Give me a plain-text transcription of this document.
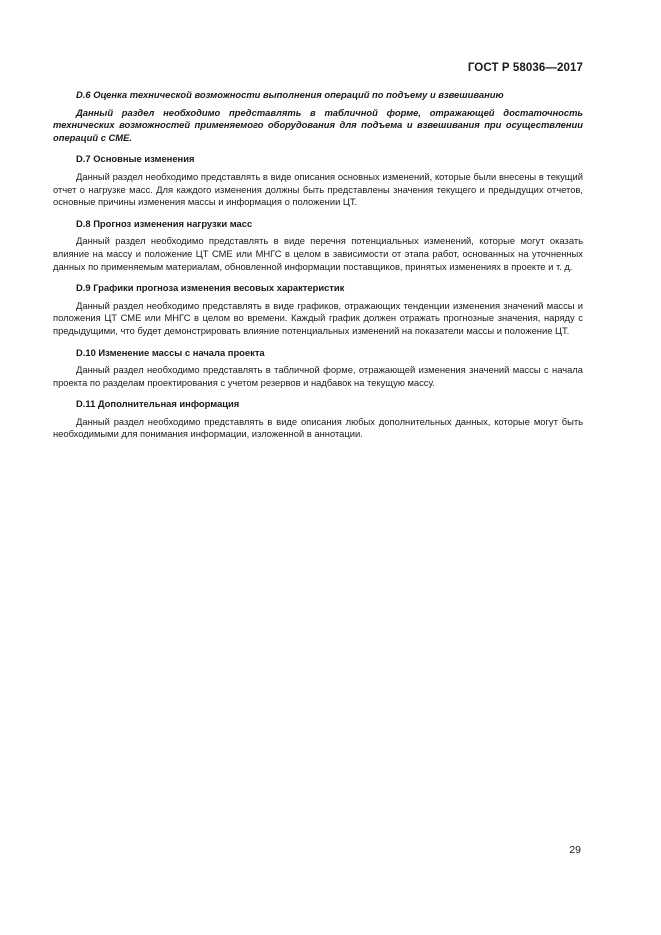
ГОСТ Р 58036—2017

D.6 Оценка технической возможности выполнения операций по подъему и взвешиванию

Данный раздел необходимо представлять в табличной форме, отражающей достаточность технических возможностей применяемого оборудования для подъема и взвешивания при осуществлении операций с СМЕ.

D.7 Основные изменения

Данный раздел необходимо представлять в виде описания основных изменений, которые были внесены в текущий отчет о нагрузке масс. Для каждого изменения должны быть представлены значения текущего и предыдущих отчетов, основные причины изменения массы и информация о положении ЦТ.

D.8 Прогноз изменения нагрузки масс

Данный раздел необходимо представлять в виде перечня потенциальных изменений, которые могут оказать влияние на массу и положение ЦТ СМЕ или МНГС в целом в зависимости от этапа работ, основанных на уточненных данных по применяемым материалам, обновленной информации поставщиков, принятых изменениях в проекте и т. д.

D.9 Графики прогноза изменения весовых характеристик

Данный раздел необходимо представлять в виде графиков, отражающих тенденции изменения значений массы и положения ЦТ СМЕ или МНГС в целом во времени. Каждый график должен отражать прогнозные значения, наряду с предыдущими, что будет демонстрировать влияние потенциальных изменений на показатели массы и положение ЦТ.

D.10 Изменение массы с начала проекта

Данный раздел необходимо представлять в табличной форме, отражающей изменения значений массы с начала проекта по разделам проектирования с учетом резервов и надбавок на текущую массу.

D.11 Дополнительная информация

Данный раздел необходимо представлять в виде описания любых дополнительных данных, которые могут быть необходимыми для понимания информации, изложенной в аннотации.

29
